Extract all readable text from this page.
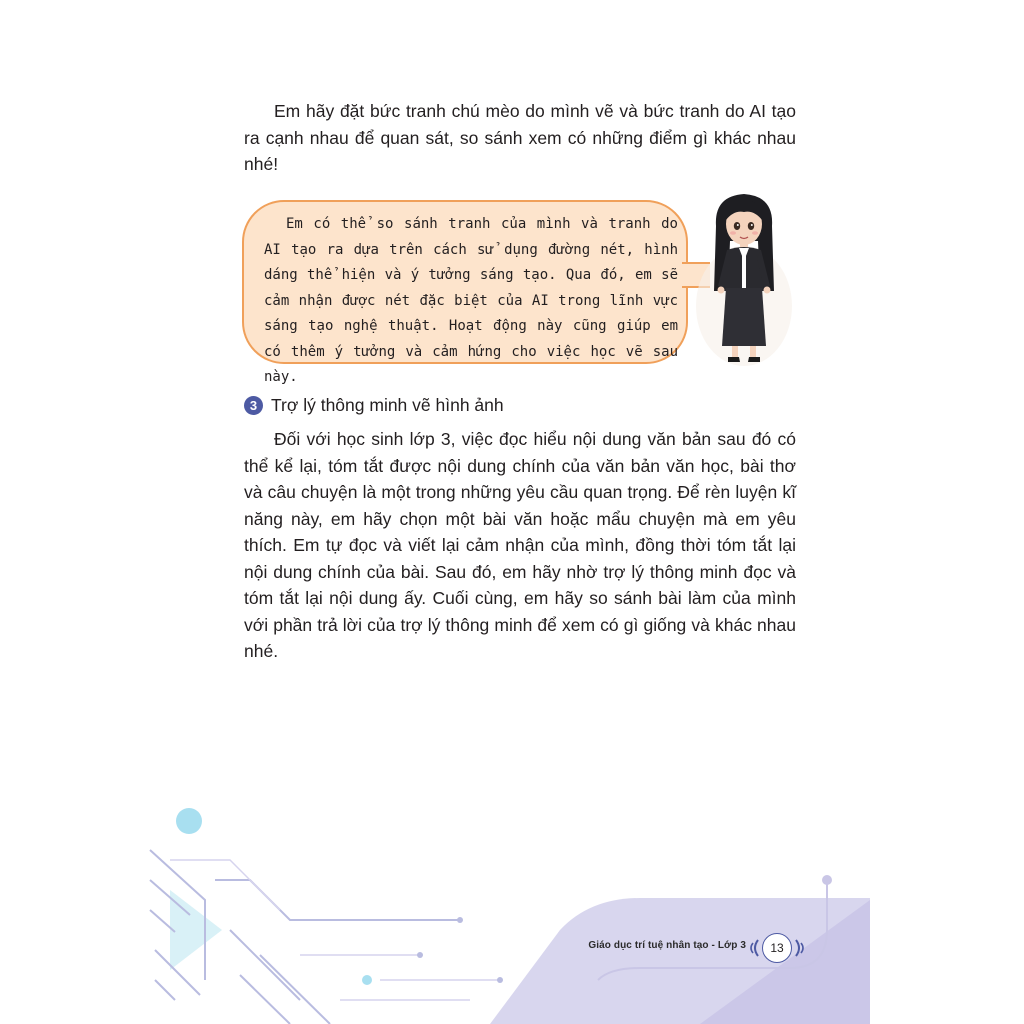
Em hãy đặt bức tranh chú mèo do mình vẽ và bức tranh do AI tạo ra cạnh nhau để quan sát, so sánh xem có những điểm gì khác nhau nhé!

Em có thể so sánh tranh của mình và tranh do AI tạo ra dựa trên cách sử dụng đường nét, hình dáng thể hiện và ý tưởng sáng tạo. Qua đó, em sẽ cảm nhận được nét đặc biệt của AI trong lĩnh vực sáng tạo nghệ thuật. Hoạt động này cũng giúp em có thêm ý tưởng và cảm hứng cho việc học vẽ sau này.

3 Trợ lý thông minh vẽ hình ảnh

Đối với học sinh lớp 3, việc đọc hiểu nội dung văn bản sau đó có thể kể lại, tóm tắt được nội dung chính của văn bản văn học, bài thơ và câu chuyện là một trong những yêu cầu quan trọng. Để rèn luyện kĩ năng này, em hãy chọn một bài văn hoặc mẩu chuyện mà em yêu thích. Em tự đọc và viết lại cảm nhận của mình, đồng thời tóm tắt lại nội dung chính của bài. Sau đó, em hãy nhờ trợ lý thông minh đọc và tóm tắt lại nội dung ấy. Cuối cùng, em hãy so sánh bài làm của mình với phần trả lời của trợ lý thông minh để xem có gì giống và khác nhau nhé.

Giáo dục trí tuệ nhân tạo - Lớp 3	13
